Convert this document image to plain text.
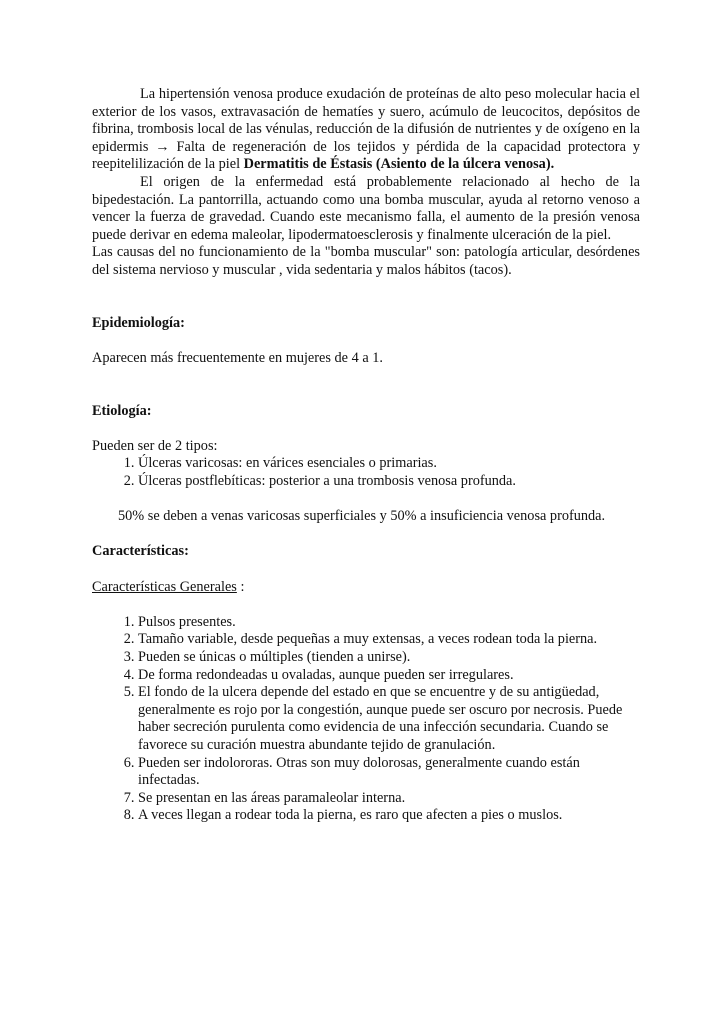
La hipertensión venosa produce exudación de proteínas de alto peso molecular hacia el exterior de los vasos, extravasación de hematíes y suero, acúmulo de leucocitos, depósitos de fibrina, trombosis local de las vénulas, reducción de la difusión de nutrientes y de oxígeno en la epidermis → Falta de regeneración de los tejidos y pérdida de la capacidad protectora y reepitelilización de la piel Dermatitis de Éstasis (Asiento de la úlcera venosa).

El origen de la enfermedad está probablemente relacionado al hecho de la bipedestación. La pantorrilla, actuando como una bomba muscular, ayuda al retorno venoso a vencer la fuerza de gravedad. Cuando este mecanismo falla, el aumento de la presión venosa puede derivar en edema maleolar, lipodermatoesclerosis y finalmente ulceración de la piel.

Las causas del no funcionamiento de la "bomba muscular" son: patología articular, desórdenes del sistema nervioso y muscular , vida sedentaria y malos hábitos (tacos).

Epidemiología:

Aparecen más frecuentemente en mujeres de 4 a 1.

Etiología:

Pueden ser de 2 tipos:

1. Úlceras varicosas: en várices esenciales o primarias.
2. Úlceras postflebíticas: posterior a una trombosis venosa profunda.

50% se deben a venas varicosas superficiales y 50% a insuficiencia venosa profunda.

Características:

Características Generales :

1. Pulsos presentes.
2. Tamaño variable, desde pequeñas a muy extensas, a veces rodean toda la pierna.
3. Pueden se únicas o múltiples (tienden a unirse).
4. De forma redondeadas u ovaladas, aunque pueden ser irregulares.
5. El fondo de la ulcera depende del estado en que se encuentre y de su antigüedad, generalmente es rojo por la congestión, aunque puede ser oscuro por necrosis. Puede haber secreción purulenta como evidencia de una infección secundaria. Cuando se favorece su curación muestra abundante tejido de granulación.
6. Pueden ser indolororas. Otras son muy dolorosas, generalmente cuando están infectadas.
7. Se presentan en las áreas paramaleolar interna.
8. A veces llegan a rodear toda la pierna, es raro que afecten a pies o muslos.
